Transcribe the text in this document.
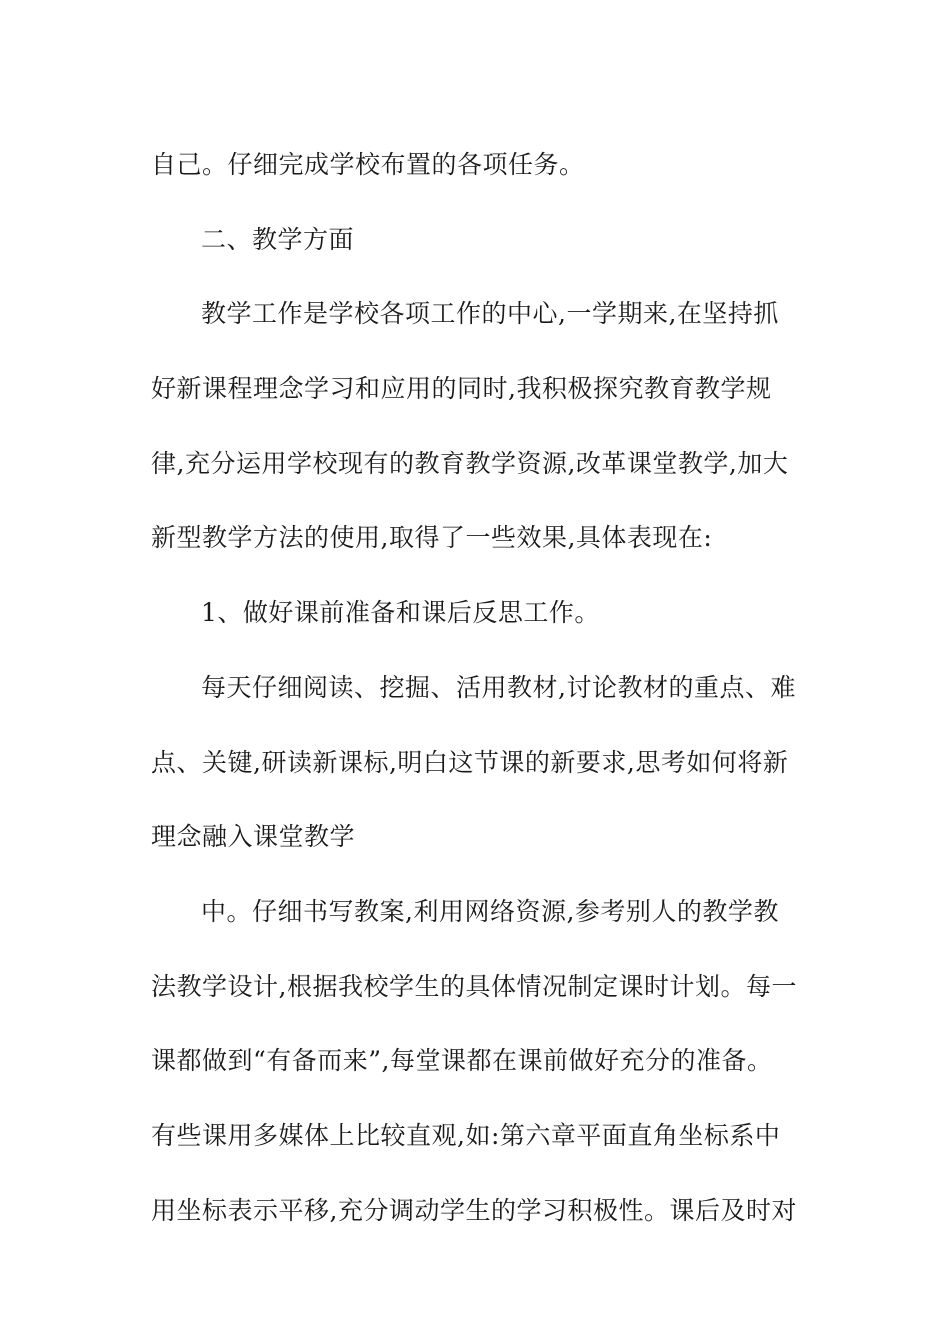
自己。仔细完成学校布置的各项任务。
二、教学方面
教学工作是学校各项工作的中心,一学期来,在坚持抓
好新课程理念学习和应用的同时,我积极探究教育教学规
律,充分运用学校现有的教育教学资源,改革课堂教学,加大
新型教学方法的使用,取得了一些效果,具体表现在:
1、做好课前准备和课后反思工作。
每天仔细阅读、挖掘、活用教材,讨论教材的重点、难
点、关键,研读新课标,明白这节课的新要求,思考如何将新
理念融入课堂教学
中。仔细书写教案,利用网络资源,参考别人的教学教
法教学设计,根据我校学生的具体情况制定课时计划。每一
课都做到“有备而来”,每堂课都在课前做好充分的准备。
有些课用多媒体上比较直观,如:第六章平面直角坐标系中
用坐标表示平移,充分调动学生的学习积极性。课后及时对
